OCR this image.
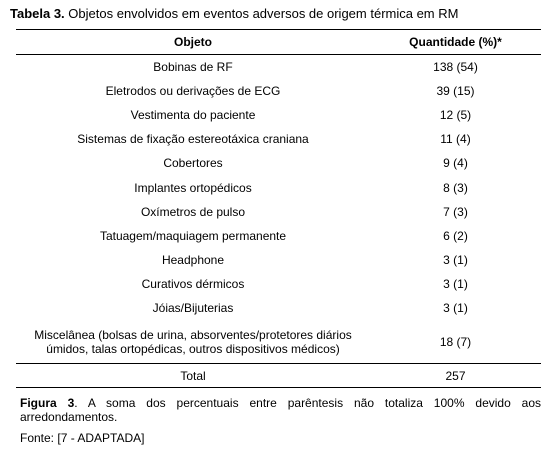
Tabela 3. Objetos envolvidos em eventos adversos de origem térmica em RM
Objeto	Quantidade (%)*
Bobinas de RF	138 (54)
Eletrodos ou derivações de ECG	39 (15)
Vestimenta do paciente	12 (5)
Sistemas de fixação estereotáxica craniana	11 (4)
Cobertores	9 (4)
Implantes ortopédicos	8 (3)
Oxímetros de pulso	7 (3)
Tatuagem/maquiagem permanente	6 (2)
Headphone	3 (1)
Curativos dérmicos	3 (1)
Jóias/Bijuterias	3 (1)
Miscelânea (bolsas de urina, absorventes/protetores diários úmidos, talas ortopédicas, outros dispositivos médicos)	18 (7)
Total	257
Figura 3. A soma dos percentuais entre parêntesis não totaliza 100% devido aos arredondamentos.
Fonte: [7 - ADAPTADA]
